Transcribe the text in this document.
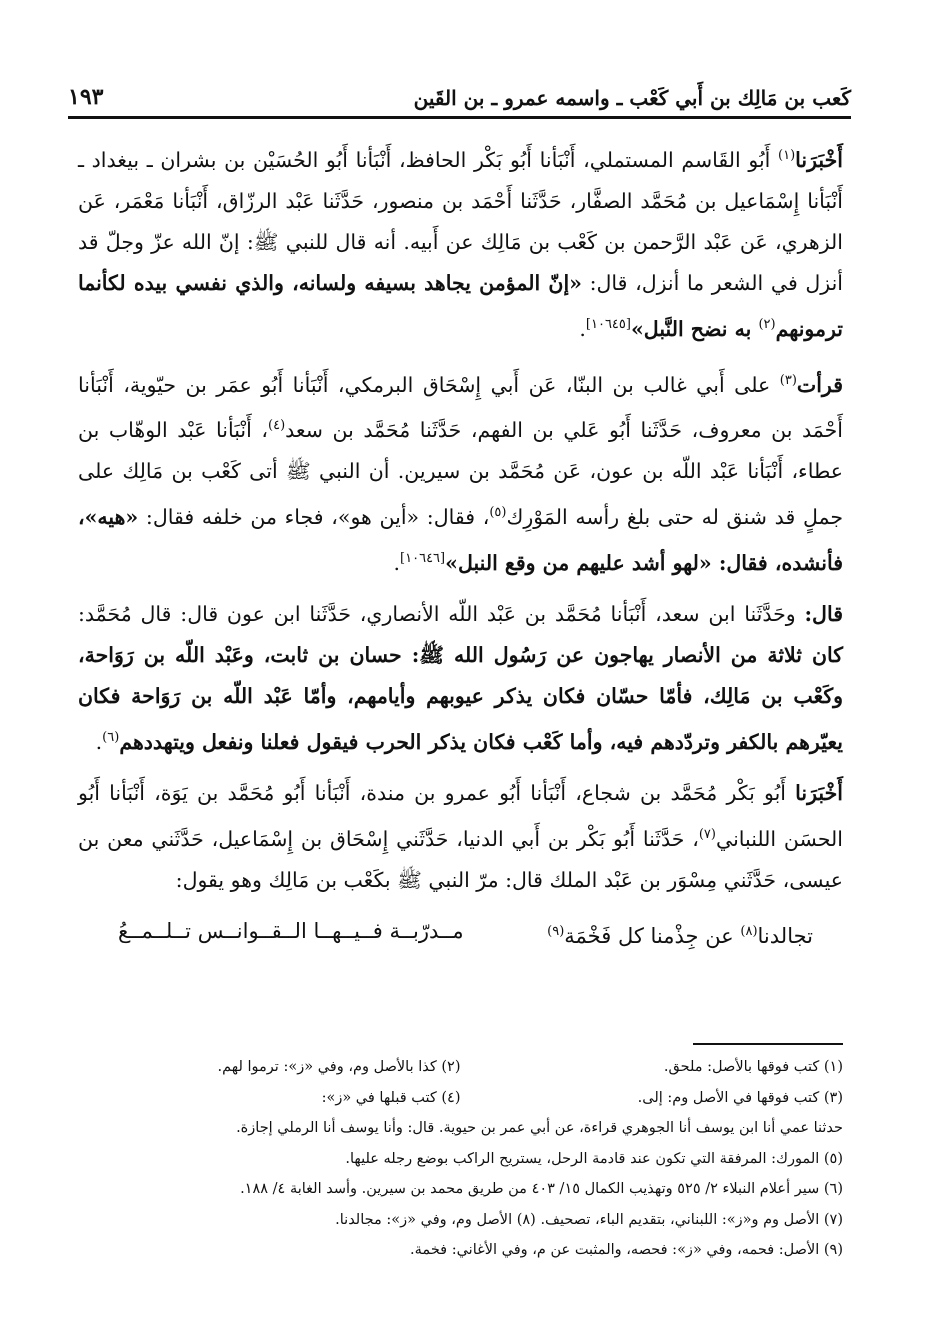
كَعب بن مَالِك بن أَبي كَعْب ـ واسمه عمرو ـ بن القَين
١٩٣

أَخْبَرَنا$^{(١)}$ أَبُو القَاسم المستملي، أَنْبَأنا أَبُو بَكْر الحافظ، أَنْبَأنا أَبُو الحُسَيْن بن بشران ـ بيغداد ـ أَنْبَأنا إِسْمَاعيل بن مُحَمَّد الصفَّار، حَدَّثَنا أَحْمَد بن منصور، حَدَّثَنا عَبْد الرزّاق، أَنْبَأنا مَعْمَر، عَن الزهري، عَن عَبْد الرَّحمن بن كَعْب بن مَالِك عن أَبيه. أنه قال للنبي ﷺ: إنّ الله عزّ وجلّ قد أنزل في الشعر ما أنزل، قال: «إنّ المؤمن يجاهد بسيفه ولسانه، والذي نفسي بيده لكأنما ترمونهم$^{(٢)}$ به نضح النَّبل»[١٠٦٤٥].

قرأت$^{(٣)}$ على أَبي غالب بن البنّا، عَن أَبي إِسْحَاق البرمكي، أَنْبَأنا أَبُو عمَر بن حيّوية، أَنْبَأنا أَحْمَد بن معروف، حَدَّثَنا أَبُو عَلي بن الفهم، حَدَّثَنا مُحَمَّد بن سعد$^{(٤)}$، أَنْبَأنا عَبْد الوهّاب بن عطاء، أَنْبَأنا عَبْد اللّه بن عون، عَن مُحَمَّد بن سيرين. أن النبي ﷺ أتى كَعْب بن مَالِك على جملٍ قد شنق له حتى بلغ رأسه المَوْرِك$^{(٥)}$، فقال: «أين هو»، فجاء من خلفه فقال: «هيه»، فأنشده، فقال: «لهو أشد عليهم من وقع النبل»[١٠٦٤٦].

قال: وحَدَّثَنا ابن سعد، أَنْبَأنا مُحَمَّد بن عَبْد اللّه الأنصاري، حَدَّثَنا ابن عون قال: قال مُحَمَّد: كان ثلاثة من الأنصار يهاجون عن رَسُول الله ﷺ: حسان بن ثابت، وعَبْد اللّه بن رَوَاحة، وكَعْب بن مَالِك، فأمّا حسّان فكان يذكر عيوبهم وأيامهم، وأمّا عَبْد اللّه بن رَوَاحة فكان يعيّرهم بالكفر وتردّدهم فيه، وأما كَعْب فكان يذكر الحرب فيقول فعلنا ونفعل ويتهددهم$^{(٦)}$.

أَخْبَرَنا أَبُو بَكْر مُحَمَّد بن شجاع، أَنْبَأنا أَبُو عمرو بن مندة، أَنْبَأنا أَبُو مُحَمَّد بن يَوَة، أَنْبَأنا أَبُو الحسَن اللنباني$^{(٧)}$، حَدَّثَنا أَبُو بَكْر بن أَبي الدنيا، حَدَّثَني إِسْحَاق بن إِسْمَاعيل، حَدَّثَني معن بن عيسى، حَدَّثَني مِسْوَر بن عَبْد الملك قال: مرّ النبي ﷺ بكَعْب بن مَالِك وهو يقول:

تجالدنا$^{(٨)}$ عن جِذْمنا كل فَخْمَة$^{(٩)}$
مــدرّبــة فــيــهــا الــقــوانــس تــلــمــعُ
(١) كتب فوقها بالأصل: ملحق.
(٢) كذا بالأصل وم، وفي «ز»: ترموا لهم.
(٣) كتب فوقها في الأصل وم: إلى.
(٤) كتب قبلها في «ز»:
حدثنا عمي أنا ابن يوسف أنا الجوهري قراءة، عن أبي عمر بن حيوية. قال: وأنا يوسف أنا الرملي إجازة.
(٥) المورك: المرفقة التي تكون عند قادمة الرحل، يستريح الراكب بوضع رجله عليها.
(٦) سير أعلام النبلاء ٢/ ٥٢٥ وتهذيب الكمال ١٥/ ٤٠٣ من طريق محمد بن سيرين. وأسد الغابة ٤/ ١٨٨.
(٧) الأصل وم و«ز»: اللبناني، بتقديم الباء، تصحيف. (٨) الأصل وم، وفي «ز»: مجالدنا.
(٩) الأصل: فحمه، وفي «ز»: فحصه، والمثبت عن م، وفي الأغاني: فخمة.
